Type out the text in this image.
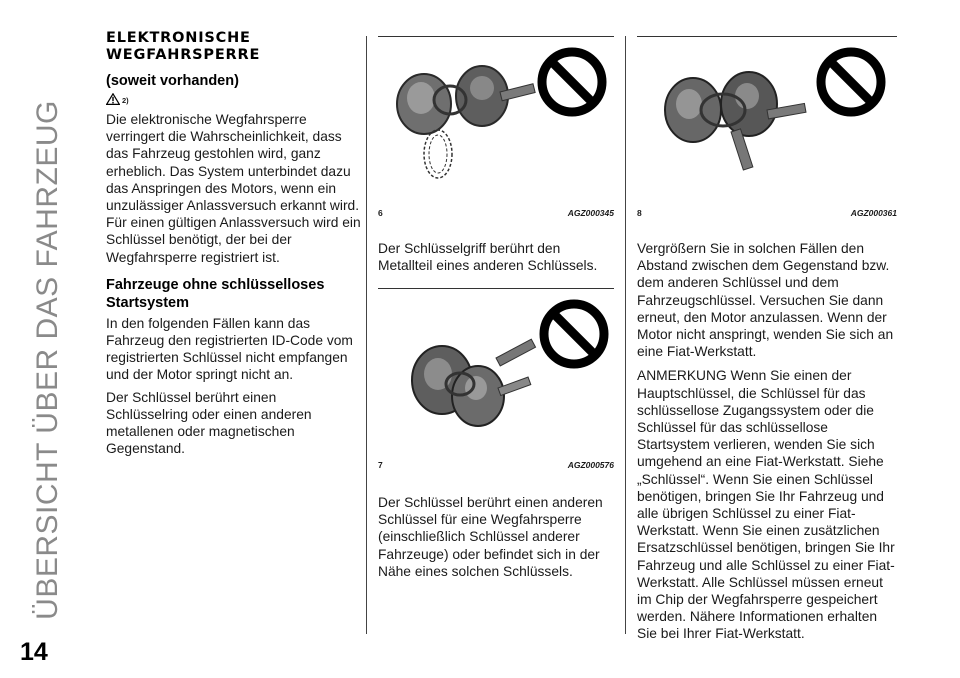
ÜBERSICHT ÜBER DAS FAHRZEUG
14
ELEKTRONISCHE
WEGFAHRSPERRE
(soweit vorhanden)
2)

Die elektronische Wegfahrsperre verringert die Wahrscheinlichkeit, dass das Fahrzeug gestohlen wird, ganz erheblich. Das System unterbindet dazu das Anspringen des Motors, wenn ein unzulässiger Anlassversuch erkannt wird. Für einen gültigen Anlassversuch wird ein Schlüssel benötigt, der bei der Wegfahrsperre registriert ist.

Fahrzeuge ohne schlüsselloses Startsystem

In den folgenden Fällen kann das Fahrzeug den registrierten ID-Code vom registrierten Schlüssel nicht empfangen und der Motor springt nicht an.

Der Schlüssel berührt einen Schlüsselring oder einen anderen metallenen oder magnetischen Gegenstand.

6	AGZ000345

Der Schlüsselgriff berührt den Metallteil eines anderen Schlüssels.

7	AGZ000576

Der Schlüssel berührt einen anderen Schlüssel für eine Wegfahrsperre (einschließlich Schlüssel anderer Fahrzeuge) oder befindet sich in der Nähe eines solchen Schlüssels.

8	AGZ000361

Vergrößern Sie in solchen Fällen den Abstand zwischen dem Gegenstand bzw. dem anderen Schlüssel und dem Fahrzeugschlüssel. Versuchen Sie dann erneut, den Motor anzulassen. Wenn der Motor nicht anspringt, wenden Sie sich an eine Fiat-Werkstatt.

ANMERKUNG Wenn Sie einen der Hauptschlüssel, die Schlüssel für das schlüssellose Zugangssystem oder die Schlüssel für das schlüssellose Startsystem verlieren, wenden Sie sich umgehend an eine Fiat-Werkstatt. Siehe „Schlüssel“. Wenn Sie einen Schlüssel benötigen, bringen Sie Ihr Fahrzeug und alle übrigen Schlüssel zu einer Fiat-Werkstatt. Wenn Sie einen zusätzlichen Ersatzschlüssel benötigen, bringen Sie Ihr Fahrzeug und alle Schlüssel zu einer Fiat-Werkstatt. Alle Schlüssel müssen erneut im Chip der Wegfahrsperre gespeichert werden. Nähere Informationen erhalten Sie bei Ihrer Fiat-Werkstatt.
